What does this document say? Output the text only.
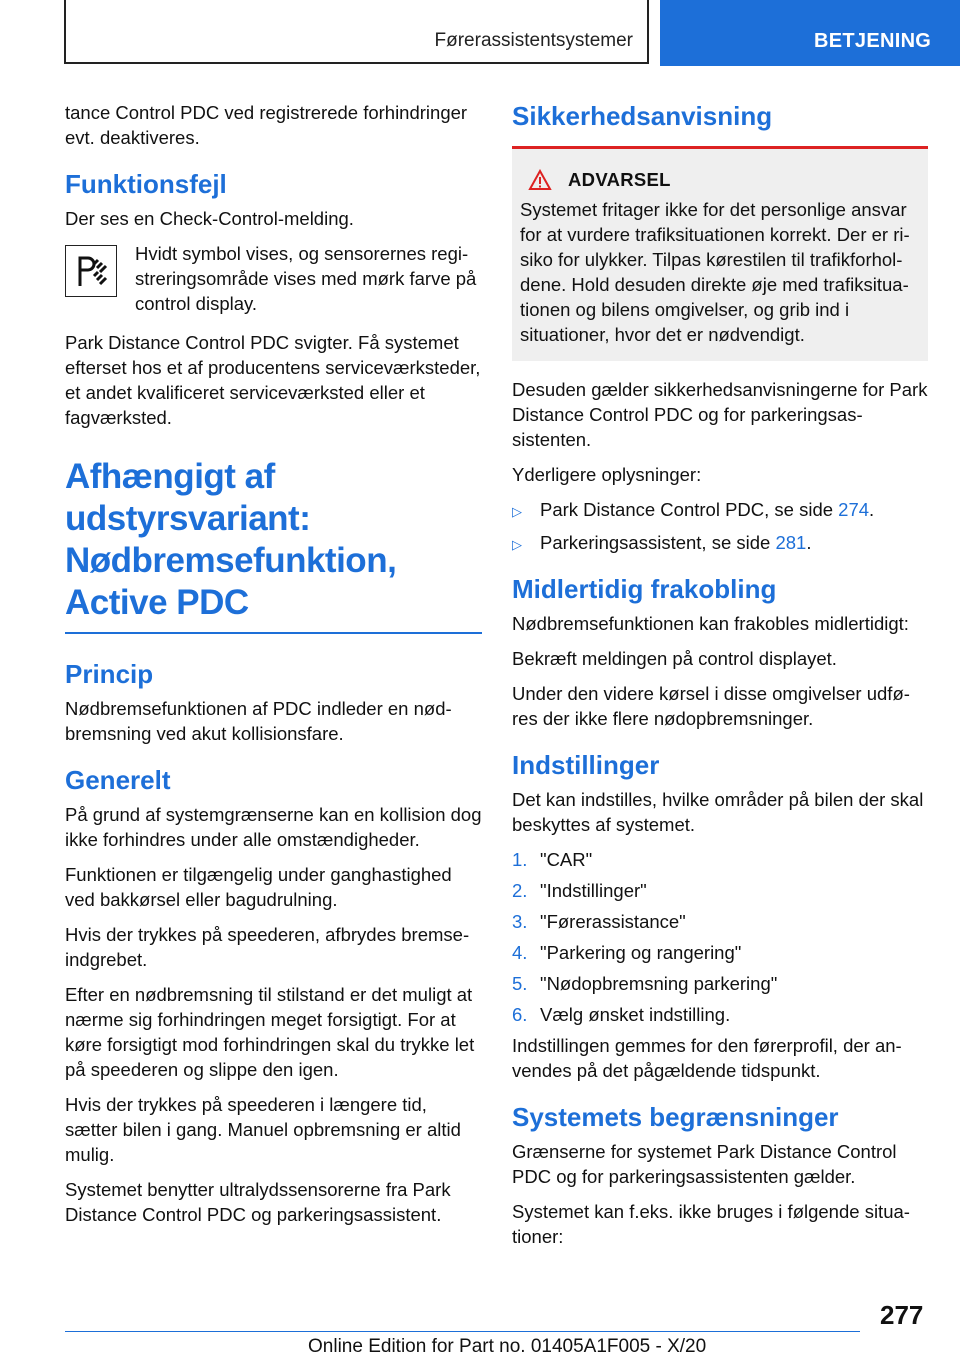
Førerassistentsystemer	BETJENING

tance Control PDC ved registrerede forhindringer evt. deaktiveres.

Funktionsfejl

Der ses en Check-Control-melding.

Hvidt symbol vises, og sensorernes registreringsområde vises med mørk farve på control display.

Park Distance Control PDC svigter. Få systemet efterset hos et af producentens serviceværksteder, et andet kvalificeret serviceværksted eller et fagværksted.

Afhængigt af udstyrsvariant: Nødbremsefunktion, Active PDC
Princip

Nødbremsefunktionen af PDC indleder en nødbremsning ved akut kollisionsfare.

Generelt

På grund af systemgrænserne kan en kollision dog ikke forhindres under alle omstændigheder.

Funktionen er tilgængelig under ganghastighed ved bakkørsel eller bagudrulning.

Hvis der trykkes på speederen, afbrydes bremseindgrebet.

Efter en nødbremsning til stilstand er det muligt at nærme sig forhindringen meget forsigtigt. For at køre forsigtigt mod forhindringen skal du trykke let på speederen og slippe den igen.

Hvis der trykkes på speederen i længere tid, sætter bilen i gang. Manuel opbremsning er altid mulig.

Systemet benytter ultralydssensorerne fra Park Distance Control PDC og parkeringsassistent.

Sikkerhedsanvisning
ADVARSEL

Systemet fritager ikke for det personlige ansvar for at vurdere trafiksituationen korrekt. Der er risiko for ulykker. Tilpas kørestilen til trafikforholdene. Hold desuden direkte øje med trafiksituationen og bilens omgivelser, og grib ind i situationer, hvor det er nødvendigt.

Desuden gælder sikkerhedsanvisningerne for Park Distance Control PDC og for parkeringsassistenten.

Yderligere oplysninger:

▷ Park Distance Control PDC, se side 274.
▷ Parkeringsassistent, se side 281.
Midlertidig frakobling

Nødbremsefunktionen kan frakobles midlertidigt:

Bekræft meldingen på control displayet.

Under den videre kørsel i disse omgivelser udføres der ikke flere nødopbremsninger.

Indstillinger

Det kan indstilles, hvilke områder på bilen der skal beskyttes af systemet.

1. "CAR"
2. "Indstillinger"
3. "Førerassistance"
4. "Parkering og rangering"
5. "Nødopbremsning parkering"
6. Vælg ønsket indstilling.

Indstillingen gemmes for den førerprofil, der anvendes på det pågældende tidspunkt.

Systemets begrænsninger

Grænserne for systemet Park Distance Control PDC og for parkeringsassistenten gælder.

Systemet kan f.eks. ikke bruges i følgende situationer:

277
Online Edition for Part no. 01405A1F005 - X/20
